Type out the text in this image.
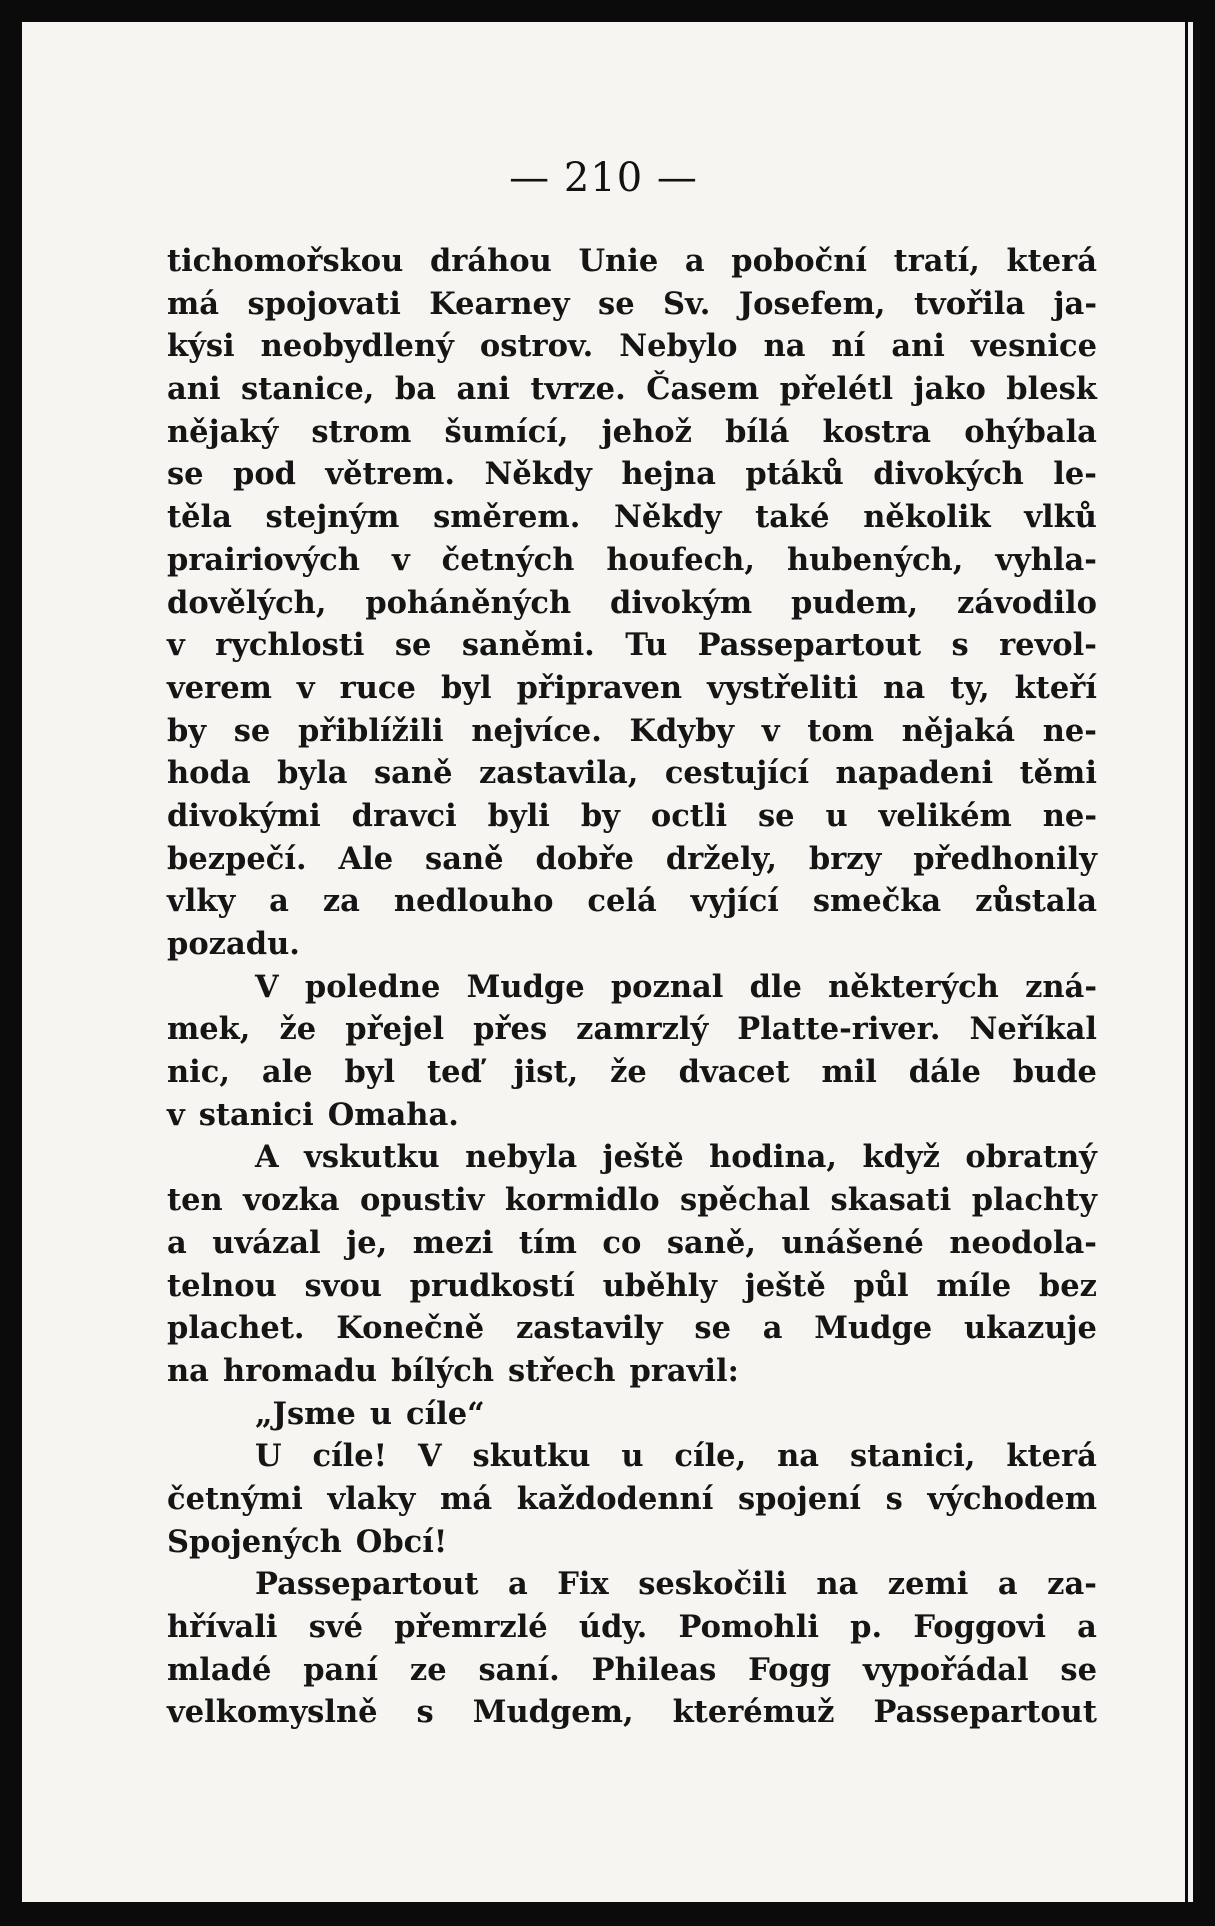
— 210 —
tichomořskou dráhou Unie a poboční tratí, která
má spojovati Kearney se Sv. Josefem, tvořila ja-
kýsi neobydlený ostrov. Nebylo na ní ani vesnice
ani stanice, ba ani tvrze. Časem přelétl jako blesk
nějaký strom šumící, jehož bílá kostra ohýbala
se pod větrem. Někdy hejna ptáků divokých le-
těla stejným směrem. Někdy také několik vlků
prairiových v četných houfech, hubených, vyhla-
dovělých, poháněných divokým pudem, závodilo
v rychlosti se saněmi. Tu Passepartout s revol-
verem v ruce byl připraven vystřeliti na ty, kteří
by se přiblížili nejvíce. Kdyby v tom nějaká ne-
hoda byla saně zastavila, cestující napadeni těmi
divokými dravci byli by octli se u velikém ne-
bezpečí. Ale saně dobře držely, brzy předhonily
vlky a za nedlouho celá vyjící smečka zůstala
pozadu.
V poledne Mudge poznal dle některých zná-
mek, že přejel přes zamrzlý Platte-river. Neříkal
nic, ale byl teď jist, že dvacet mil dále bude
v stanici Omaha.
A vskutku nebyla ještě hodina, když obratný
ten vozka opustiv kormidlo spěchal skasati plachty
a uvázal je, mezi tím co saně, unášené neodola-
telnou svou prudkostí uběhly ještě půl míle bez
plachet. Konečně zastavily se a Mudge ukazuje
na hromadu bílých střech pravil:
„Jsme u cíle“
U cíle! V skutku u cíle, na stanici, která
četnými vlaky má každodenní spojení s východem
Spojených Obcí!
Passepartout a Fix seskočili na zemi a za-
hřívali své přemrzlé údy. Pomohli p. Foggovi a
mladé paní ze saní. Phileas Fogg vypořádal se
velkomyslně s Mudgem, kterémuž Passepartout
